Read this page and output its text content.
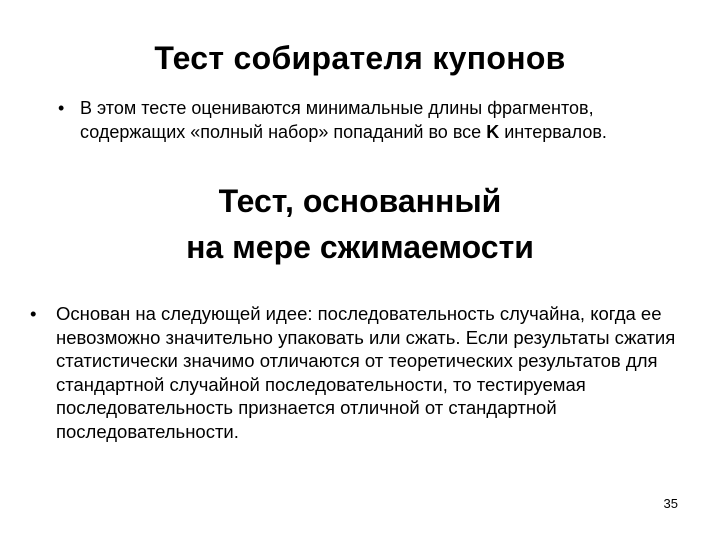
Тест собирателя купонов
• В этом тесте оцениваются минимальные длины фрагментов, содержащих «полный набор» попаданий во все K интервалов.
Тест, основанный
на мере сжимаемости
•	Основан на следующей идее: последовательность случайна, когда ее невозможно значительно упаковать или сжать. Если результаты сжатия статистически значимо отличаются от теоретических результатов для стандартной случайной последовательности, то тестируемая последовательность признается отличной от стандартной последовательности.
35
